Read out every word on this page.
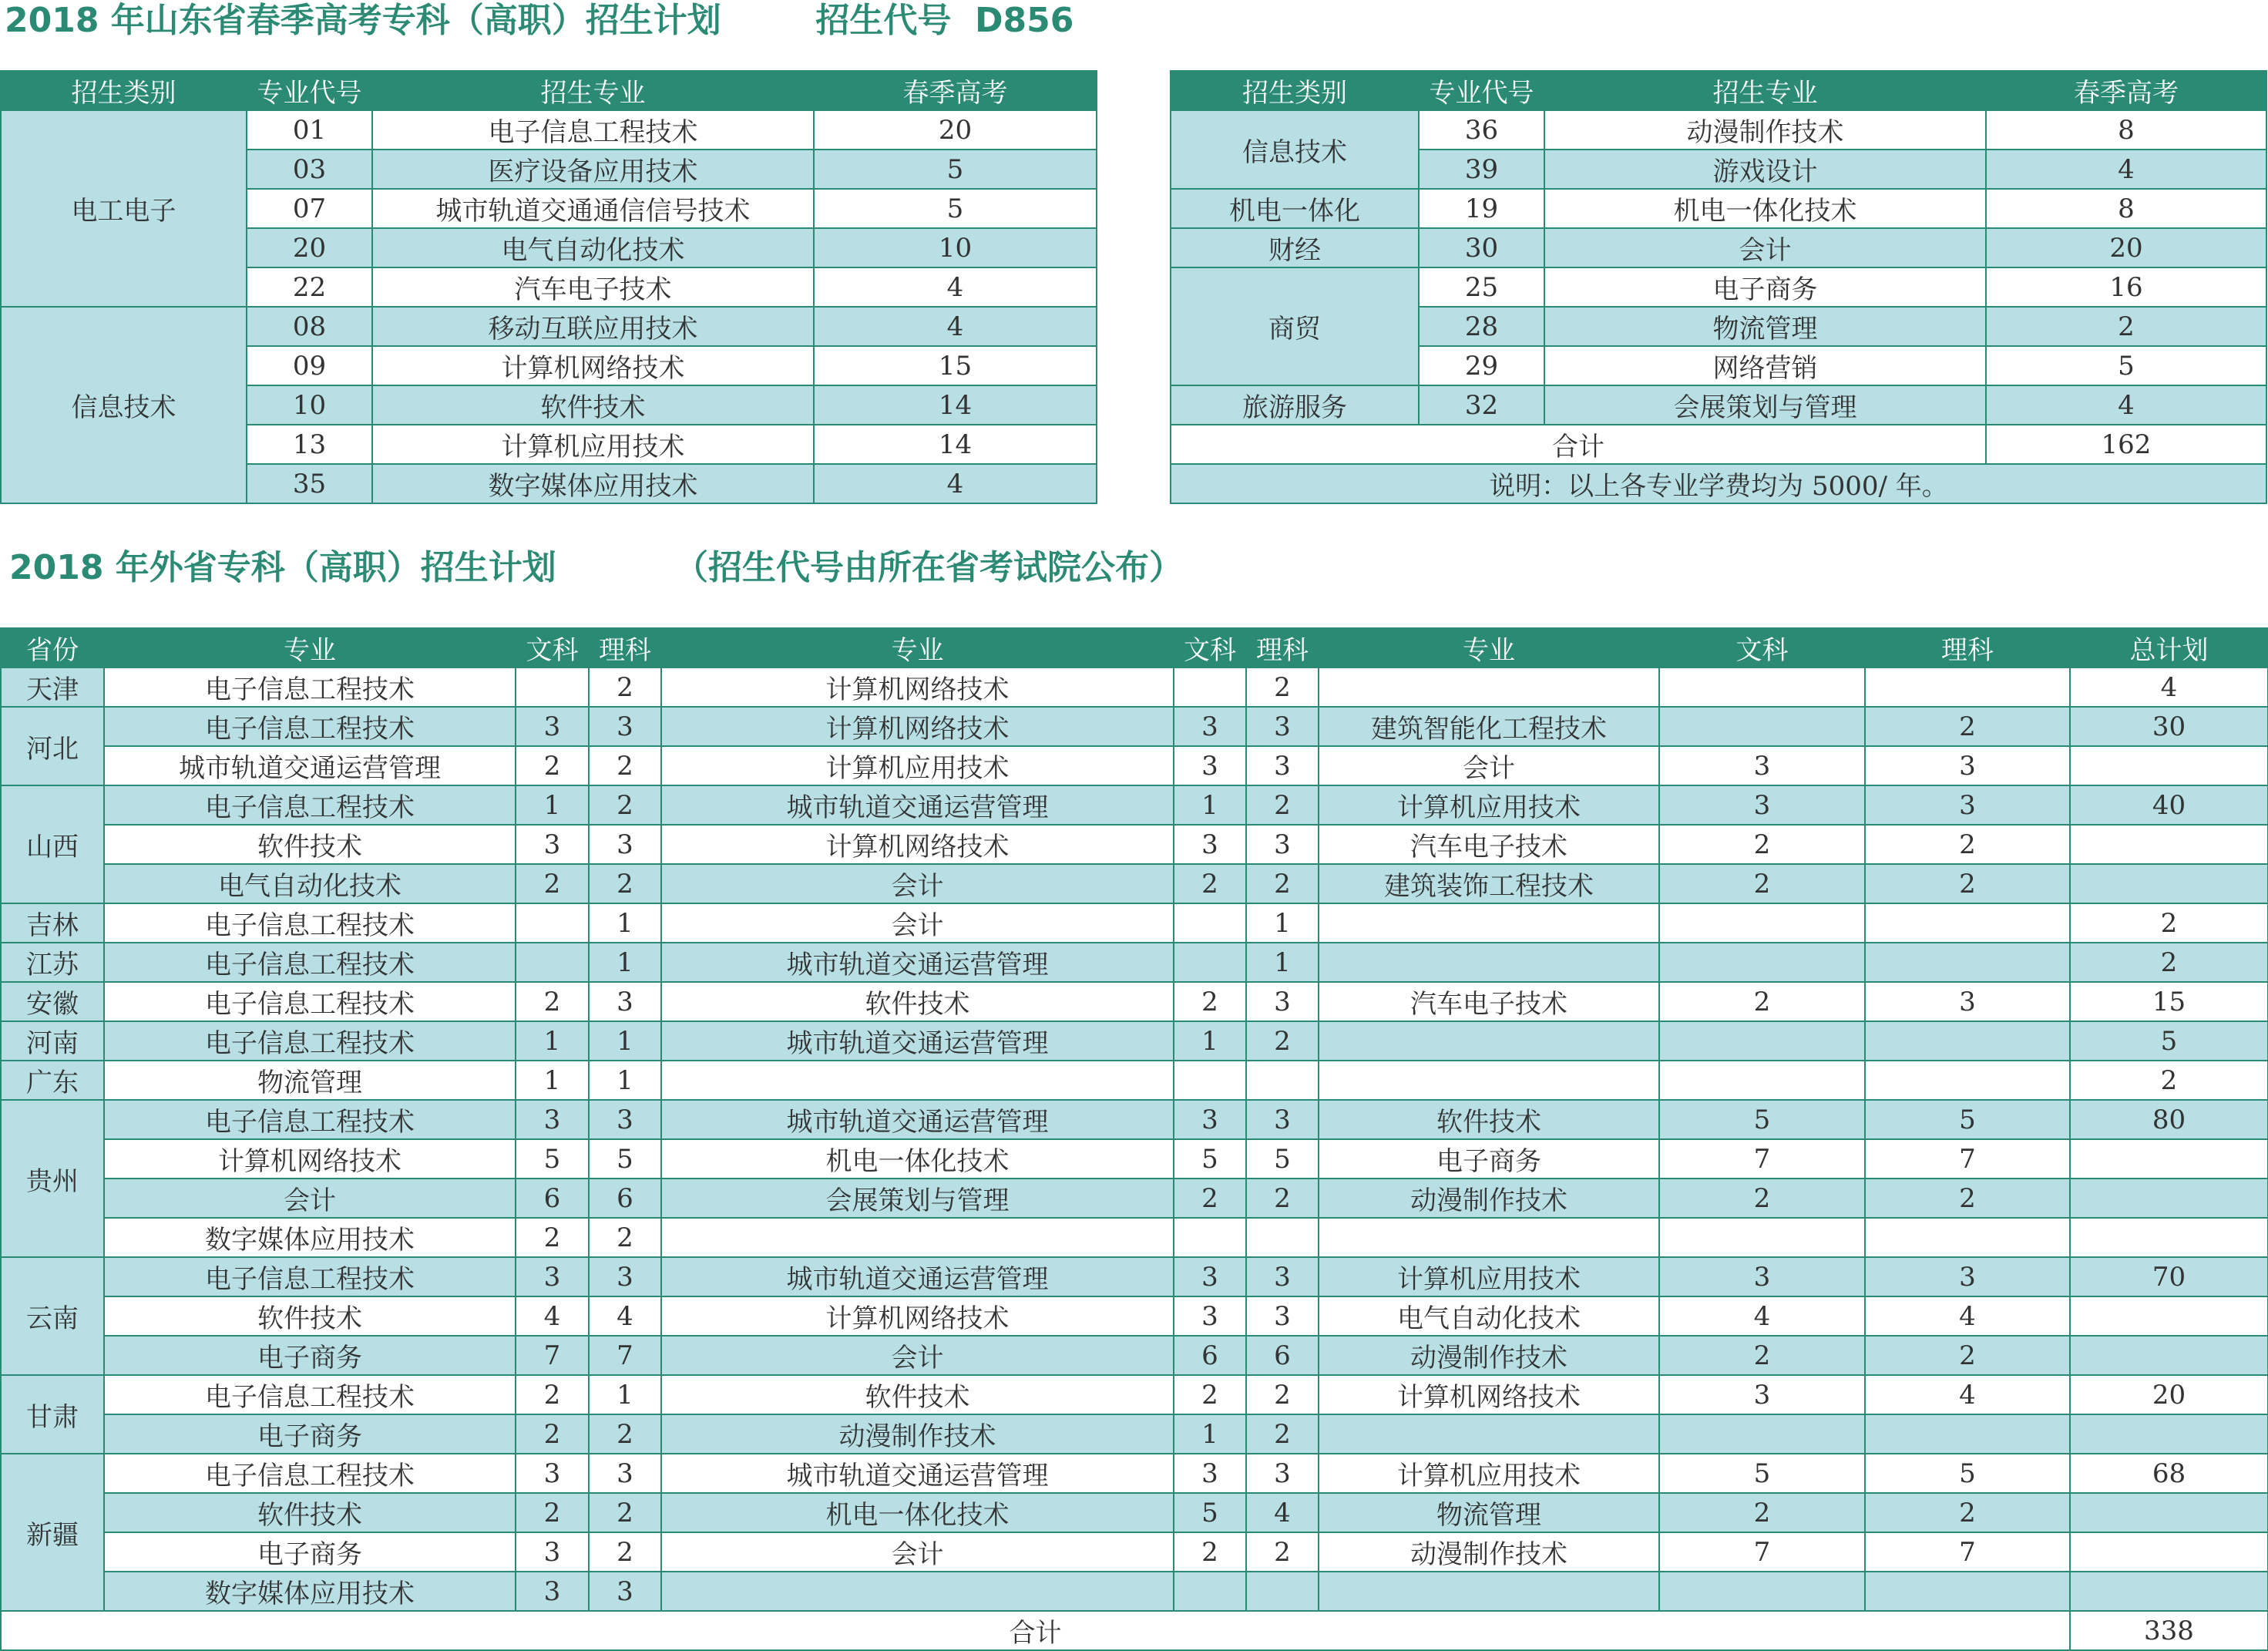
2018 年山东省春季高考专科（高职）招生计划        招生代号  D856
招生类别	专业代号	招生专业	春季高考
电工电子	01	电子信息工程技术	20
	03	医疗设备应用技术	5
	07	城市轨道交通通信信号技术	5
	20	电气自动化技术	10
	22	汽车电子技术	4
信息技术	08	移动互联应用技术	4
	09	计算机网络技术	15
	10	软件技术	14
	13	计算机应用技术	14
	35	数字媒体应用技术	4
招生类别	专业代号	招生专业	春季高考
信息技术	36	动漫制作技术	8
	39	游戏设计	4
机电一体化	19	机电一体化技术	8
财经	30	会计	20
商贸	25	电子商务	16
	28	物流管理	2
	29	网络营销	5
旅游服务	32	会展策划与管理	4
合计			162
说明：以上各专业学费均为 5000/ 年。			
2018 年外省专科（高职）招生计划          （招生代号由所在省考试院公布）
省份	专业	文科	理科	专业	文科	理科	专业	文科	理科	总计划
天津	电子信息工程技术		2	计算机网络技术		2				4
河北	电子信息工程技术	3	3	计算机网络技术	3	3	建筑智能化工程技术		2	30
	城市轨道交通运营管理	2	2	计算机应用技术	3	3	会计	3	3	
山西	电子信息工程技术	1	2	城市轨道交通运营管理	1	2	计算机应用技术	3	3	40
	软件技术	3	3	计算机网络技术	3	3	汽车电子技术	2	2	
	电气自动化技术	2	2	会计	2	2	建筑装饰工程技术	2	2	
吉林	电子信息工程技术		1	会计		1				2
江苏	电子信息工程技术		1	城市轨道交通运营管理		1				2
安徽	电子信息工程技术	2	3	软件技术	2	3	汽车电子技术	2	3	15
河南	电子信息工程技术	1	1	城市轨道交通运营管理	1	2				5
广东	物流管理	1	1							2
贵州	电子信息工程技术	3	3	城市轨道交通运营管理	3	3	软件技术	5	5	80
	计算机网络技术	5	5	机电一体化技术	5	5	电子商务	7	7	
	会计	6	6	会展策划与管理	2	2	动漫制作技术	2	2	
	数字媒体应用技术	2	2							
云南	电子信息工程技术	3	3	城市轨道交通运营管理	3	3	计算机应用技术	3	3	70
	软件技术	4	4	计算机网络技术	3	3	电气自动化技术	4	4	
	电子商务	7	7	会计	6	6	动漫制作技术	2	2	
甘肃	电子信息工程技术	2	1	软件技术	2	2	计算机网络技术	3	4	20
	电子商务	2	2	动漫制作技术	1	2				
新疆	电子信息工程技术	3	3	城市轨道交通运营管理	3	3	计算机应用技术	5	5	68
	软件技术	2	2	机电一体化技术	5	4	物流管理	2	2	
	电子商务	3	2	会计	2	2	动漫制作技术	7	7	
	数字媒体应用技术	3	3							
合计										338
